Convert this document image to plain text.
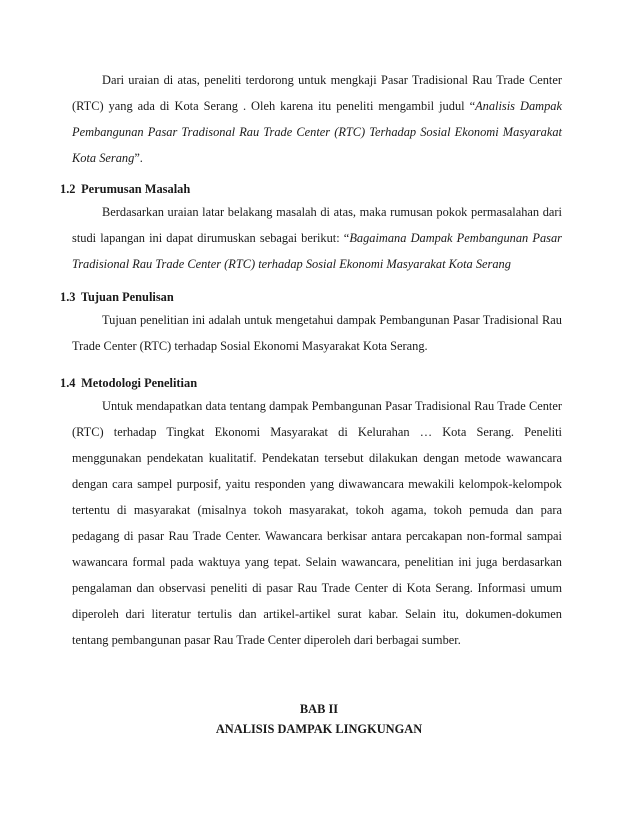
Dari uraian di atas, peneliti terdorong untuk mengkaji Pasar Tradisional Rau Trade Center (RTC) yang ada di Kota Serang . Oleh karena itu peneliti mengambil judul “Analisis Dampak Pembangunan Pasar Tradisonal Rau Trade Center (RTC) Terhadap Sosial Ekonomi Masyarakat Kota Serang”.

1.2 Perumusan Masalah

Berdasarkan uraian latar belakang masalah di atas, maka rumusan pokok permasalahan dari studi lapangan ini dapat dirumuskan sebagai berikut: “Bagaimana Dampak Pembangunan Pasar Tradisional Rau Trade Center (RTC) terhadap Sosial Ekonomi Masyarakat Kota Serang

1.3 Tujuan Penulisan

Tujuan penelitian ini adalah untuk mengetahui dampak Pembangunan Pasar Tradisional Rau Trade Center (RTC) terhadap Sosial Ekonomi Masyarakat Kota Serang.

1.4 Metodologi Penelitian

Untuk mendapatkan data tentang dampak Pembangunan Pasar Tradisional Rau Trade Center (RTC) terhadap Tingkat Ekonomi Masyarakat di Kelurahan … Kota Serang. Peneliti menggunakan pendekatan kualitatif. Pendekatan tersebut dilakukan dengan metode wawancara dengan cara sampel purposif, yaitu responden yang diwawancara mewakili kelompok-kelompok tertentu di masyarakat (misalnya tokoh masyarakat, tokoh agama, tokoh pemuda dan para pedagang di pasar Rau Trade Center. Wawancara berkisar antara percakapan non-formal sampai wawancara formal pada waktuya yang tepat. Selain wawancara, penelitian ini juga berdasarkan pengalaman dan observasi peneliti di pasar Rau Trade Center di Kota Serang. Informasi umum diperoleh dari literatur tertulis dan artikel-artikel surat kabar. Selain itu, dokumen-dokumen tentang pembangunan pasar Rau Trade Center diperoleh dari berbagai sumber.

BAB II
ANALISIS DAMPAK LINGKUNGAN
